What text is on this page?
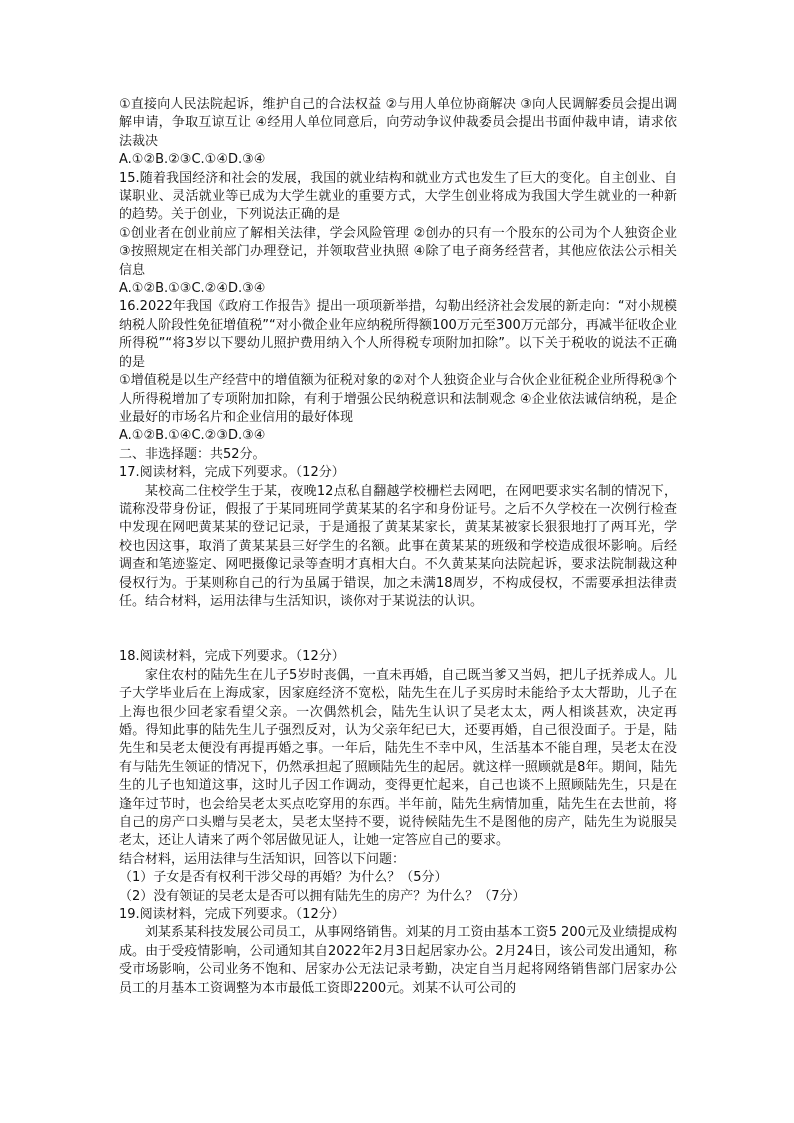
①直接向人民法院起诉，维护自己的合法权益 ②与用人单位协商解决 ③向人民调解委员会提出调解申请，争取互谅互让 ④经用人单位同意后，向劳动争议仲裁委员会提出书面仲裁申请，请求依法裁决

A.①②B.②③C.①④D.③④

15.随着我国经济和社会的发展，我国的就业结构和就业方式也发生了巨大的变化。自主创业、自谋职业、灵活就业等已成为大学生就业的重要方式，大学生创业将成为我国大学生就业的一种新的趋势。关于创业，下列说法正确的是

①创业者在创业前应了解相关法律，学会风险管理 ②创办的只有一个股东的公司为个人独资企业③按照规定在相关部门办理登记，并领取营业执照 ④除了电子商务经营者，其他应依法公示相关信息

A.①②B.①③C.②④D.③④

16.2022年我国《政府工作报告》提出一项项新举措，勾勒出经济社会发展的新走向：“对小规模纳税人阶段性免征增值税”“对小微企业年应纳税所得额100万元至300万元部分，再减半征收企业所得税”“将3岁以下婴幼儿照护费用纳入个人所得税专项附加扣除”。以下关于税收的说法不正确的是

①增值税是以生产经营中的增值额为征税对象的②对个人独资企业与合伙企业征税企业所得税③个人所得税增加了专项附加扣除，有利于增强公民纳税意识和法制观念 ④企业依法诚信纳税，是企业最好的市场名片和企业信用的最好体现

A.①②B.①④C.②③D.③④

二、非选择题：共52分。

17.阅读材料，完成下列要求。（12分）

某校高二住校学生于某，夜晚12点私自翻越学校栅栏去网吧，在网吧要求实名制的情况下，谎称没带身份证，假报了于某同班同学黄某某的名字和身份证号。之后不久学校在一次例行检查中发现在网吧黄某某的登记记录，于是通报了黄某某家长，黄某某被家长狠狠地打了两耳光，学校也因这事，取消了黄某某县三好学生的名额。此事在黄某某的班级和学校造成很坏影响。后经调查和笔迹鉴定、网吧摄像记录等查明才真相大白。不久黄某某向法院起诉，要求法院制裁这种侵权行为。于某则称自己的行为虽属于错误，加之未满18周岁，不构成侵权，不需要承担法律责任。结合材料，运用法律与生活知识，谈你对于某说法的认识。

18.阅读材料，完成下列要求。（12分）

家住农村的陆先生在儿子5岁时丧偶，一直未再婚，自己既当爹又当妈，把儿子抚养成人。儿子大学毕业后在上海成家，因家庭经济不宽松，陆先生在儿子买房时未能给予太大帮助，儿子在上海也很少回老家看望父亲。一次偶然机会，陆先生认识了吴老太太，两人相谈甚欢，决定再婚。得知此事的陆先生儿子强烈反对，认为父亲年纪已大，还要再婚，自己很没面子。于是，陆先生和吴老太便没有再提再婚之事。一年后，陆先生不幸中风，生活基本不能自理，吴老太在没有与陆先生领证的情况下，仍然承担起了照顾陆先生的起居。就这样一照顾就是8年。期间，陆先生的儿子也知道这事，这时儿子因工作调动，变得更忙起来，自己也谈不上照顾陆先生，只是在逢年过节时，也会给吴老太买点吃穿用的东西。半年前，陆先生病情加重，陆先生在去世前，将自己的房产口头赠与吴老太，吴老太坚持不要，说待候陆先生不是图他的房产，陆先生为说服吴老太，还让人请来了两个邻居做见证人，让她一定答应自己的要求。

结合材料，运用法律与生活知识，回答以下问题：

（1）子女是否有权利干涉父母的再婚？为什么？（5分）

（2）没有领证的吴老太是否可以拥有陆先生的房产？为什么？（7分）

19.阅读材料，完成下列要求。（12分）

刘某系某科技发展公司员工，从事网络销售。刘某的月工资由基本工资5 200元及业绩提成构成。由于受疫情影响，公司通知其自2022年2月3日起居家办公。2月24日，该公司发出通知，称受市场影响，公司业务不饱和、居家办公无法记录考勤，决定自当月起将网络销售部门居家办公员工的月基本工资调整为本市最低工资即2200元。刘某不认可公司的
